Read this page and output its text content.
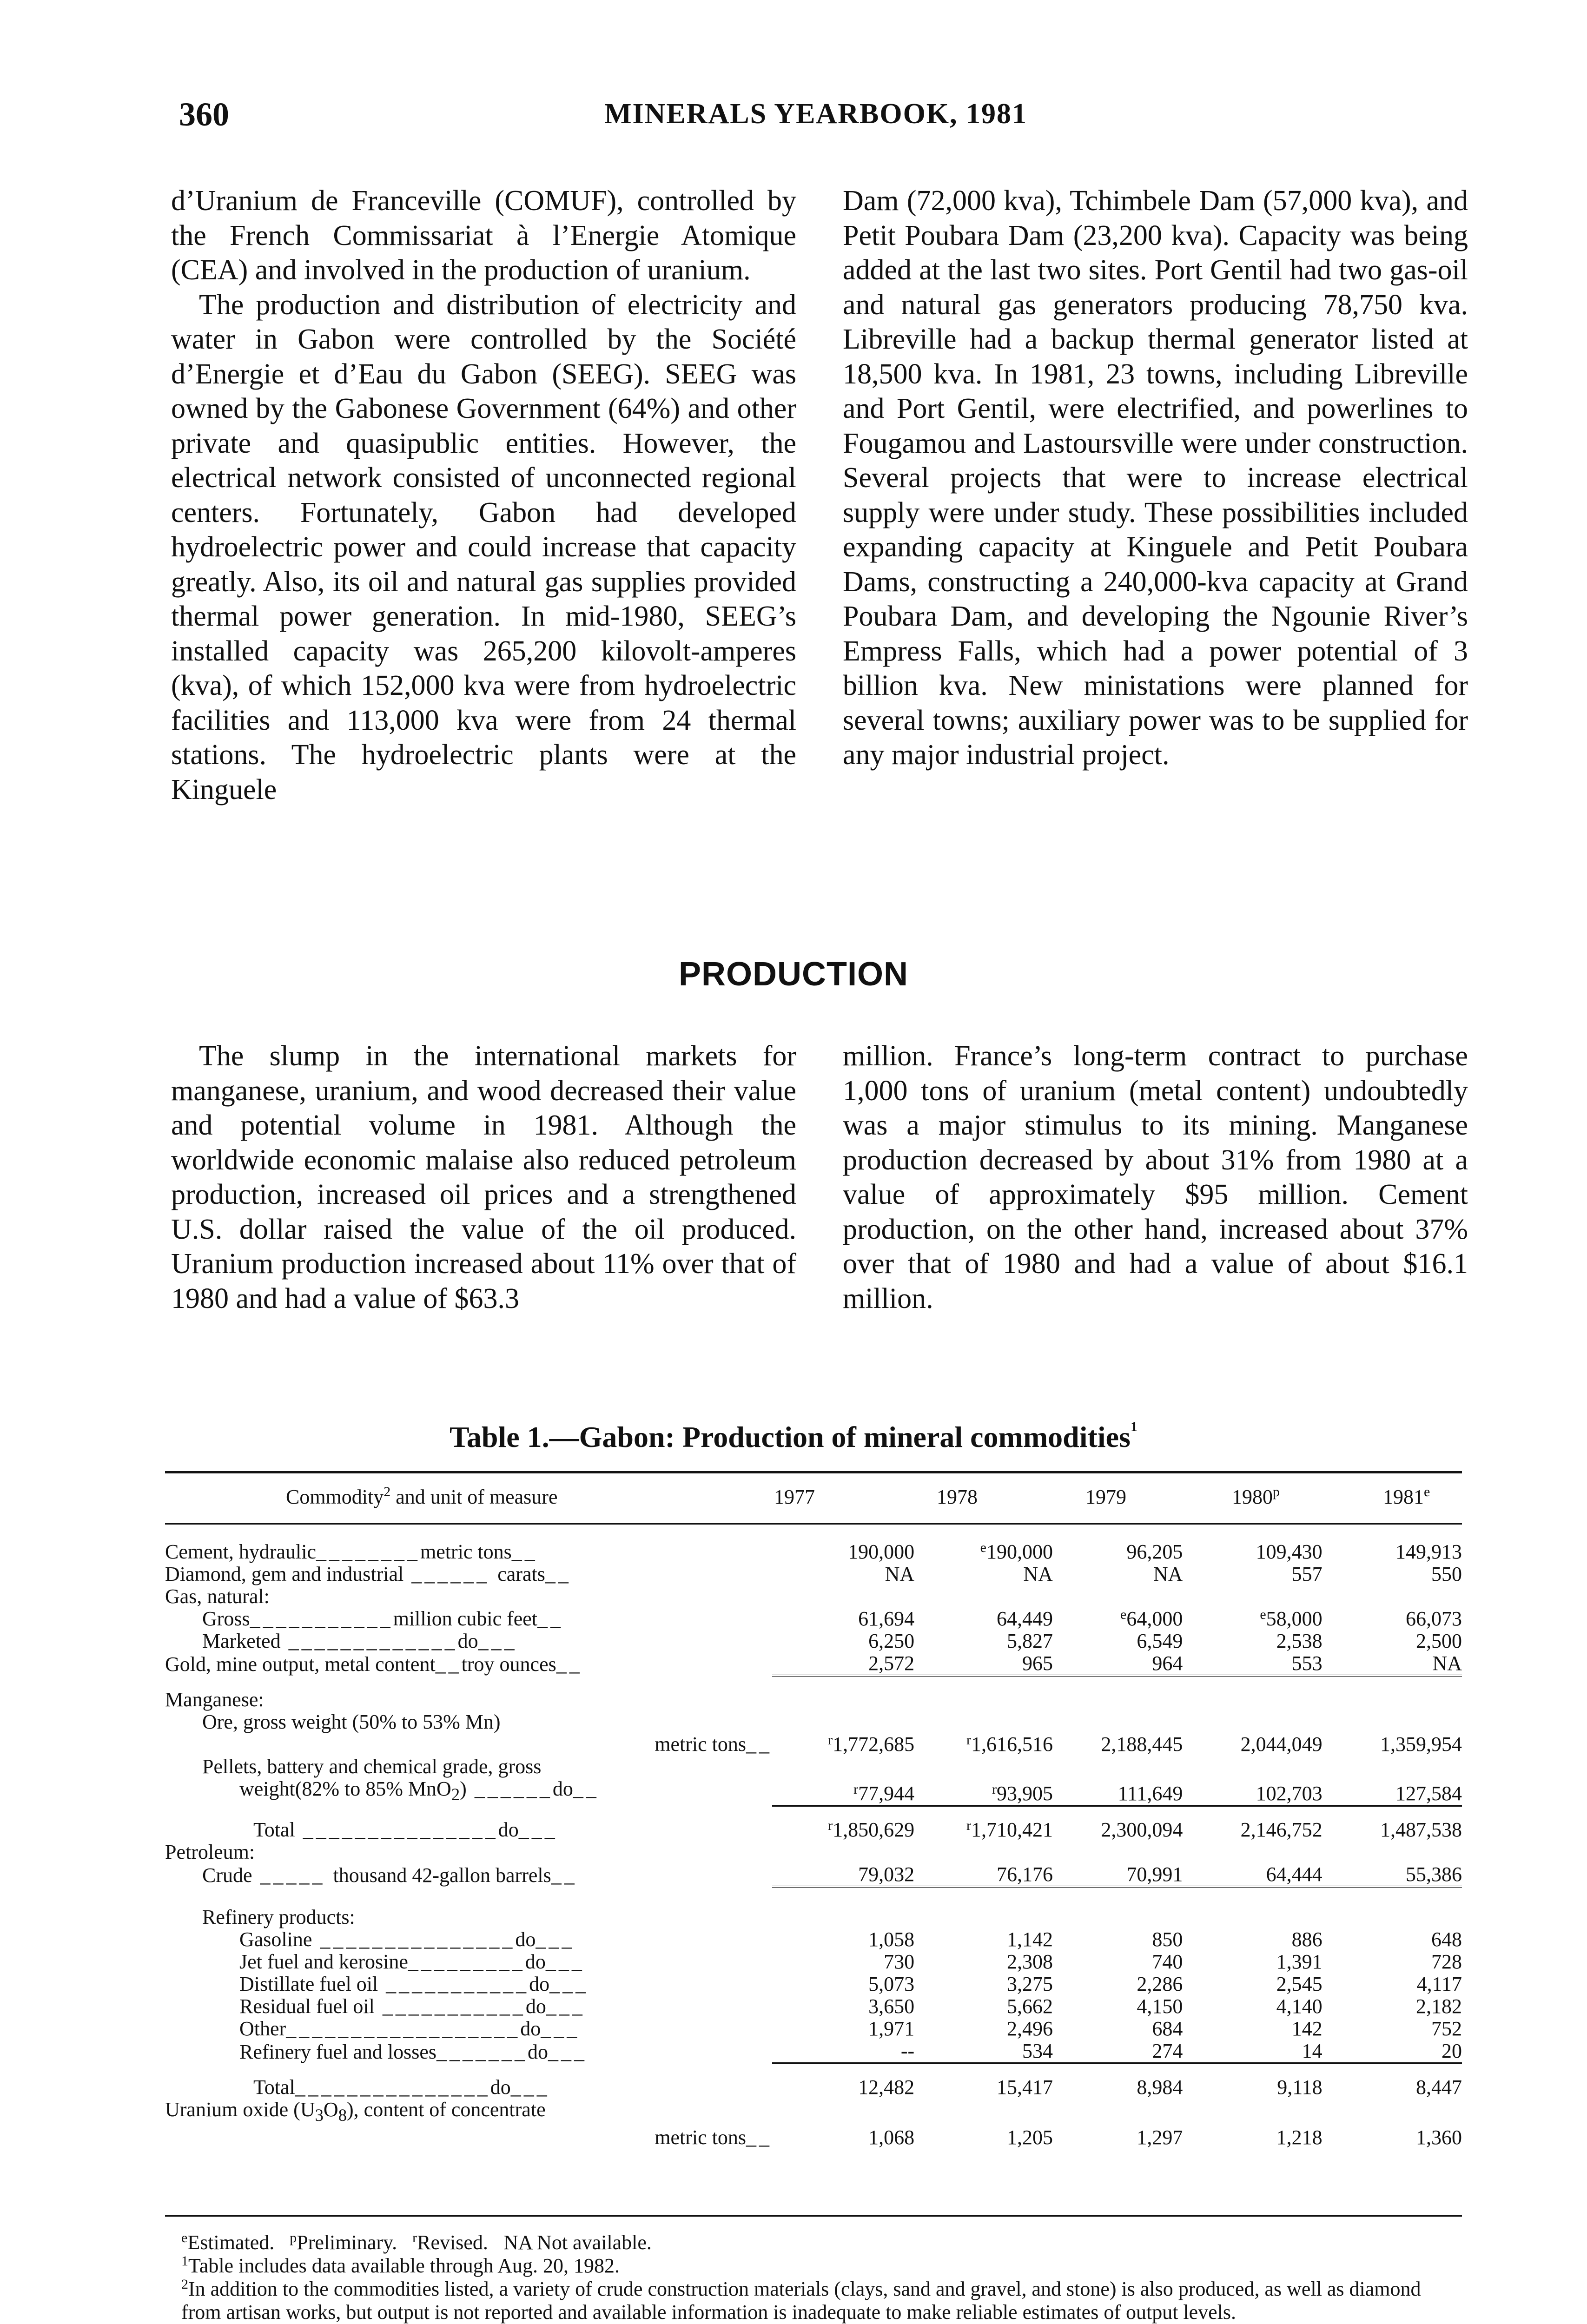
360	MINERALS YEARBOOK, 1981

d’Uranium de Franceville (COMUF), controlled by the French Commissariat à l’Energie Atomique (CEA) and involved in the production of uranium.

The production and distribution of electricity and water in Gabon were controlled by the Société d’Energie et d’Eau du Gabon (SEEG). SEEG was owned by the Gabonese Government (64%) and other private and quasipublic entities. However, the electrical network consisted of unconnected regional centers. Fortunately, Gabon had developed hydroelectric power and could increase that capacity greatly. Also, its oil and natural gas supplies provided thermal power generation. In mid-1980, SEEG’s installed capacity was 265,200 kilovolt-amperes (kva), of which 152,000 kva were from hydroelectric facilities and 113,000 kva were from 24 thermal stations. The hydroelectric plants were at the Kinguele

Dam (72,000 kva), Tchimbele Dam (57,000 kva), and Petit Poubara Dam (23,200 kva). Capacity was being added at the last two sites. Port Gentil had two gas-oil and natural gas generators producing 78,750 kva. Libreville had a backup thermal generator listed at 18,500 kva. In 1981, 23 towns, including Libreville and Port Gentil, were electrified, and powerlines to Fougamou and Lastoursville were under construction. Several projects that were to increase electrical supply were under study. These possibilities included expanding capacity at Kinguele and Petit Poubara Dams, constructing a 240,000-kva capacity at Grand Poubara Dam, and developing the Ngounie River’s Empress Falls, which had a power potential of 3 billion kva. New ministations were planned for several towns; auxiliary power was to be supplied for any major industrial project.

PRODUCTION

The slump in the international markets for manganese, uranium, and wood decreased their value and potential volume in 1981. Although the worldwide economic malaise also reduced petroleum production, increased oil prices and a strengthened U.S. dollar raised the value of the oil produced. Uranium production increased about 11% over that of 1980 and had a value of $63.3

million. France’s long-term contract to purchase 1,000 tons of uranium (metal content) undoubtedly was a major stimulus to its mining. Manganese production decreased by about 31% from 1980 at a value of approximately $95 million. Cement production, on the other hand, increased about 37% over that of 1980 and had a value of about $16.1 million.

Table 1.—Gabon: Production of mineral commodities$^1$
Commodity$^2$ and unit of measure	1977	1978	1979	1980$^p$	1981e
Cement, hydraulic________metric tons__	190,000	$^e$190,000	96,205	109,430	149,913
Diamond, gem and industrial ______ carats__	NA	NA	NA	557	550
Gas, natural:					
Gross___________million cubic feet__	61,694	64,449	$^e$64,000	$^e$58,000	66,073
Marketed _____________do___	6,250	5,827	6,549	2,538	2,500
Gold, mine output, metal content__troy ounces__	2,572	965	964	553	NA

Manganese:					
Ore, gross weight (50% to 53% Mn)					
metric tons__	$^r$1,772,685	$^r$1,616,516	2,188,445	2,044,049	1,359,954
Pellets, battery and chemical grade, gross					
weight(82% to 85% MnO$_2$) ______do__	$^r$77,944	$^r$93,905	111,649	102,703	127,584

Total _______________do___	$^r$1,850,629	$^r$1,710,421	2,300,094	2,146,752	1,487,538
Petroleum:					
Crude _____ thousand 42-gallon barrels__	79,032	76,176	70,991	64,444	55,386

Refinery products:					
Gasoline _______________do___	1,058	1,142	850	886	648
Jet fuel and kerosine_________do___	730	2,308	740	1,391	728
Distillate fuel oil ___________do___	5,073	3,275	2,286	2,545	4,117
Residual fuel oil ___________do___	3,650	5,662	4,150	4,140	2,182
Other__________________do___	1,971	2,496	684	142	752
Refinery fuel and losses_______do___	--	534	274	14	20

Total_______________do___	12,482	15,417	8,984	9,118	8,447
Uranium oxide $(U_3O_8)$, content of concentrate					
metric tons__	1,068	1,205	1,297	1,218	1,360

$^e$Estimated. $^p$Preliminary. $^r$Revised. NA Not available.

$^1$Table includes data available through Aug. 20, 1982.

$^2$In addition to the commodities listed, a variety of crude construction materials (clays, sand and gravel, and stone) is also produced, as well as diamond from artisan works, but output is not reported and available information is inadequate to make reliable estimates of output levels.
